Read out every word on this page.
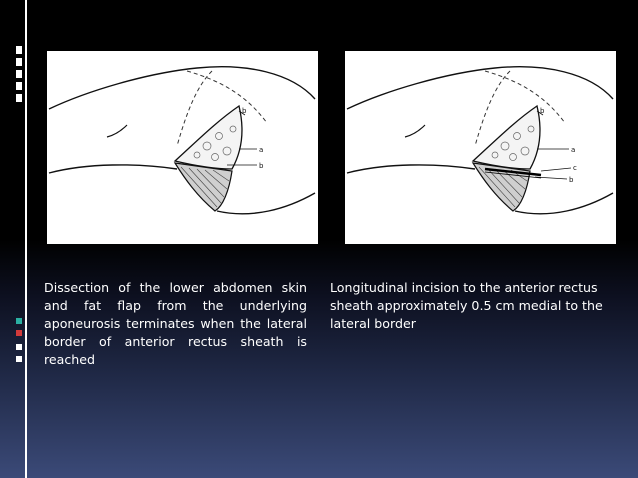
b
a
b
b
a
c
b
Dissection of the lower abdomen skin and fat flap from the underlying aponeurosis terminates when the lateral border of anterior rectus sheath is reached
Longitudinal incision to the anterior rectus sheath approximately 0.5 cm medial to the lateral border
